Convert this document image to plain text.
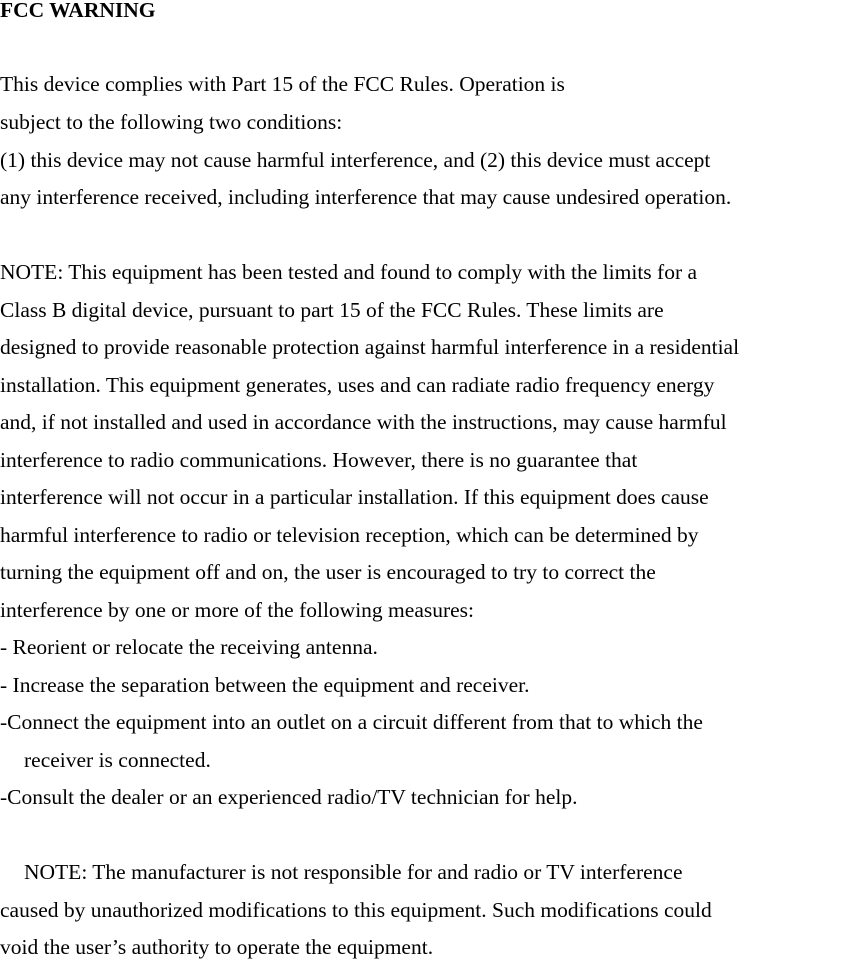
FCC WARNING
This device complies with Part 15 of the FCC Rules. Operation is
subject to the following two conditions:
(1) this device may not cause harmful interference, and (2) this device must accept
any interference received, including interference that may cause undesired operation.
NOTE: This equipment has been tested and found to comply with the limits for a
Class B digital device, pursuant to part 15 of the FCC Rules. These limits are
designed to provide reasonable protection against harmful interference in a residential
installation. This equipment generates, uses and can radiate radio frequency energy
and, if not installed and used in accordance with the instructions, may cause harmful
interference to radio communications. However, there is no guarantee that
interference will not occur in a particular installation. If this equipment does cause
harmful interference to radio or television reception, which can be determined by
turning the equipment off and on, the user is encouraged to try to correct the
interference by one or more of the following measures:
- Reorient or relocate the receiving antenna.
- Increase the separation between the equipment and receiver.
-Connect the equipment into an outlet on a circuit different from that to which the
receiver is connected.
-Consult the dealer or an experienced radio/TV technician for help.
NOTE: The manufacturer is not responsible for and radio or TV interference
caused by unauthorized modifications to this equipment. Such modifications could
void the user’s authority to operate the equipment.
